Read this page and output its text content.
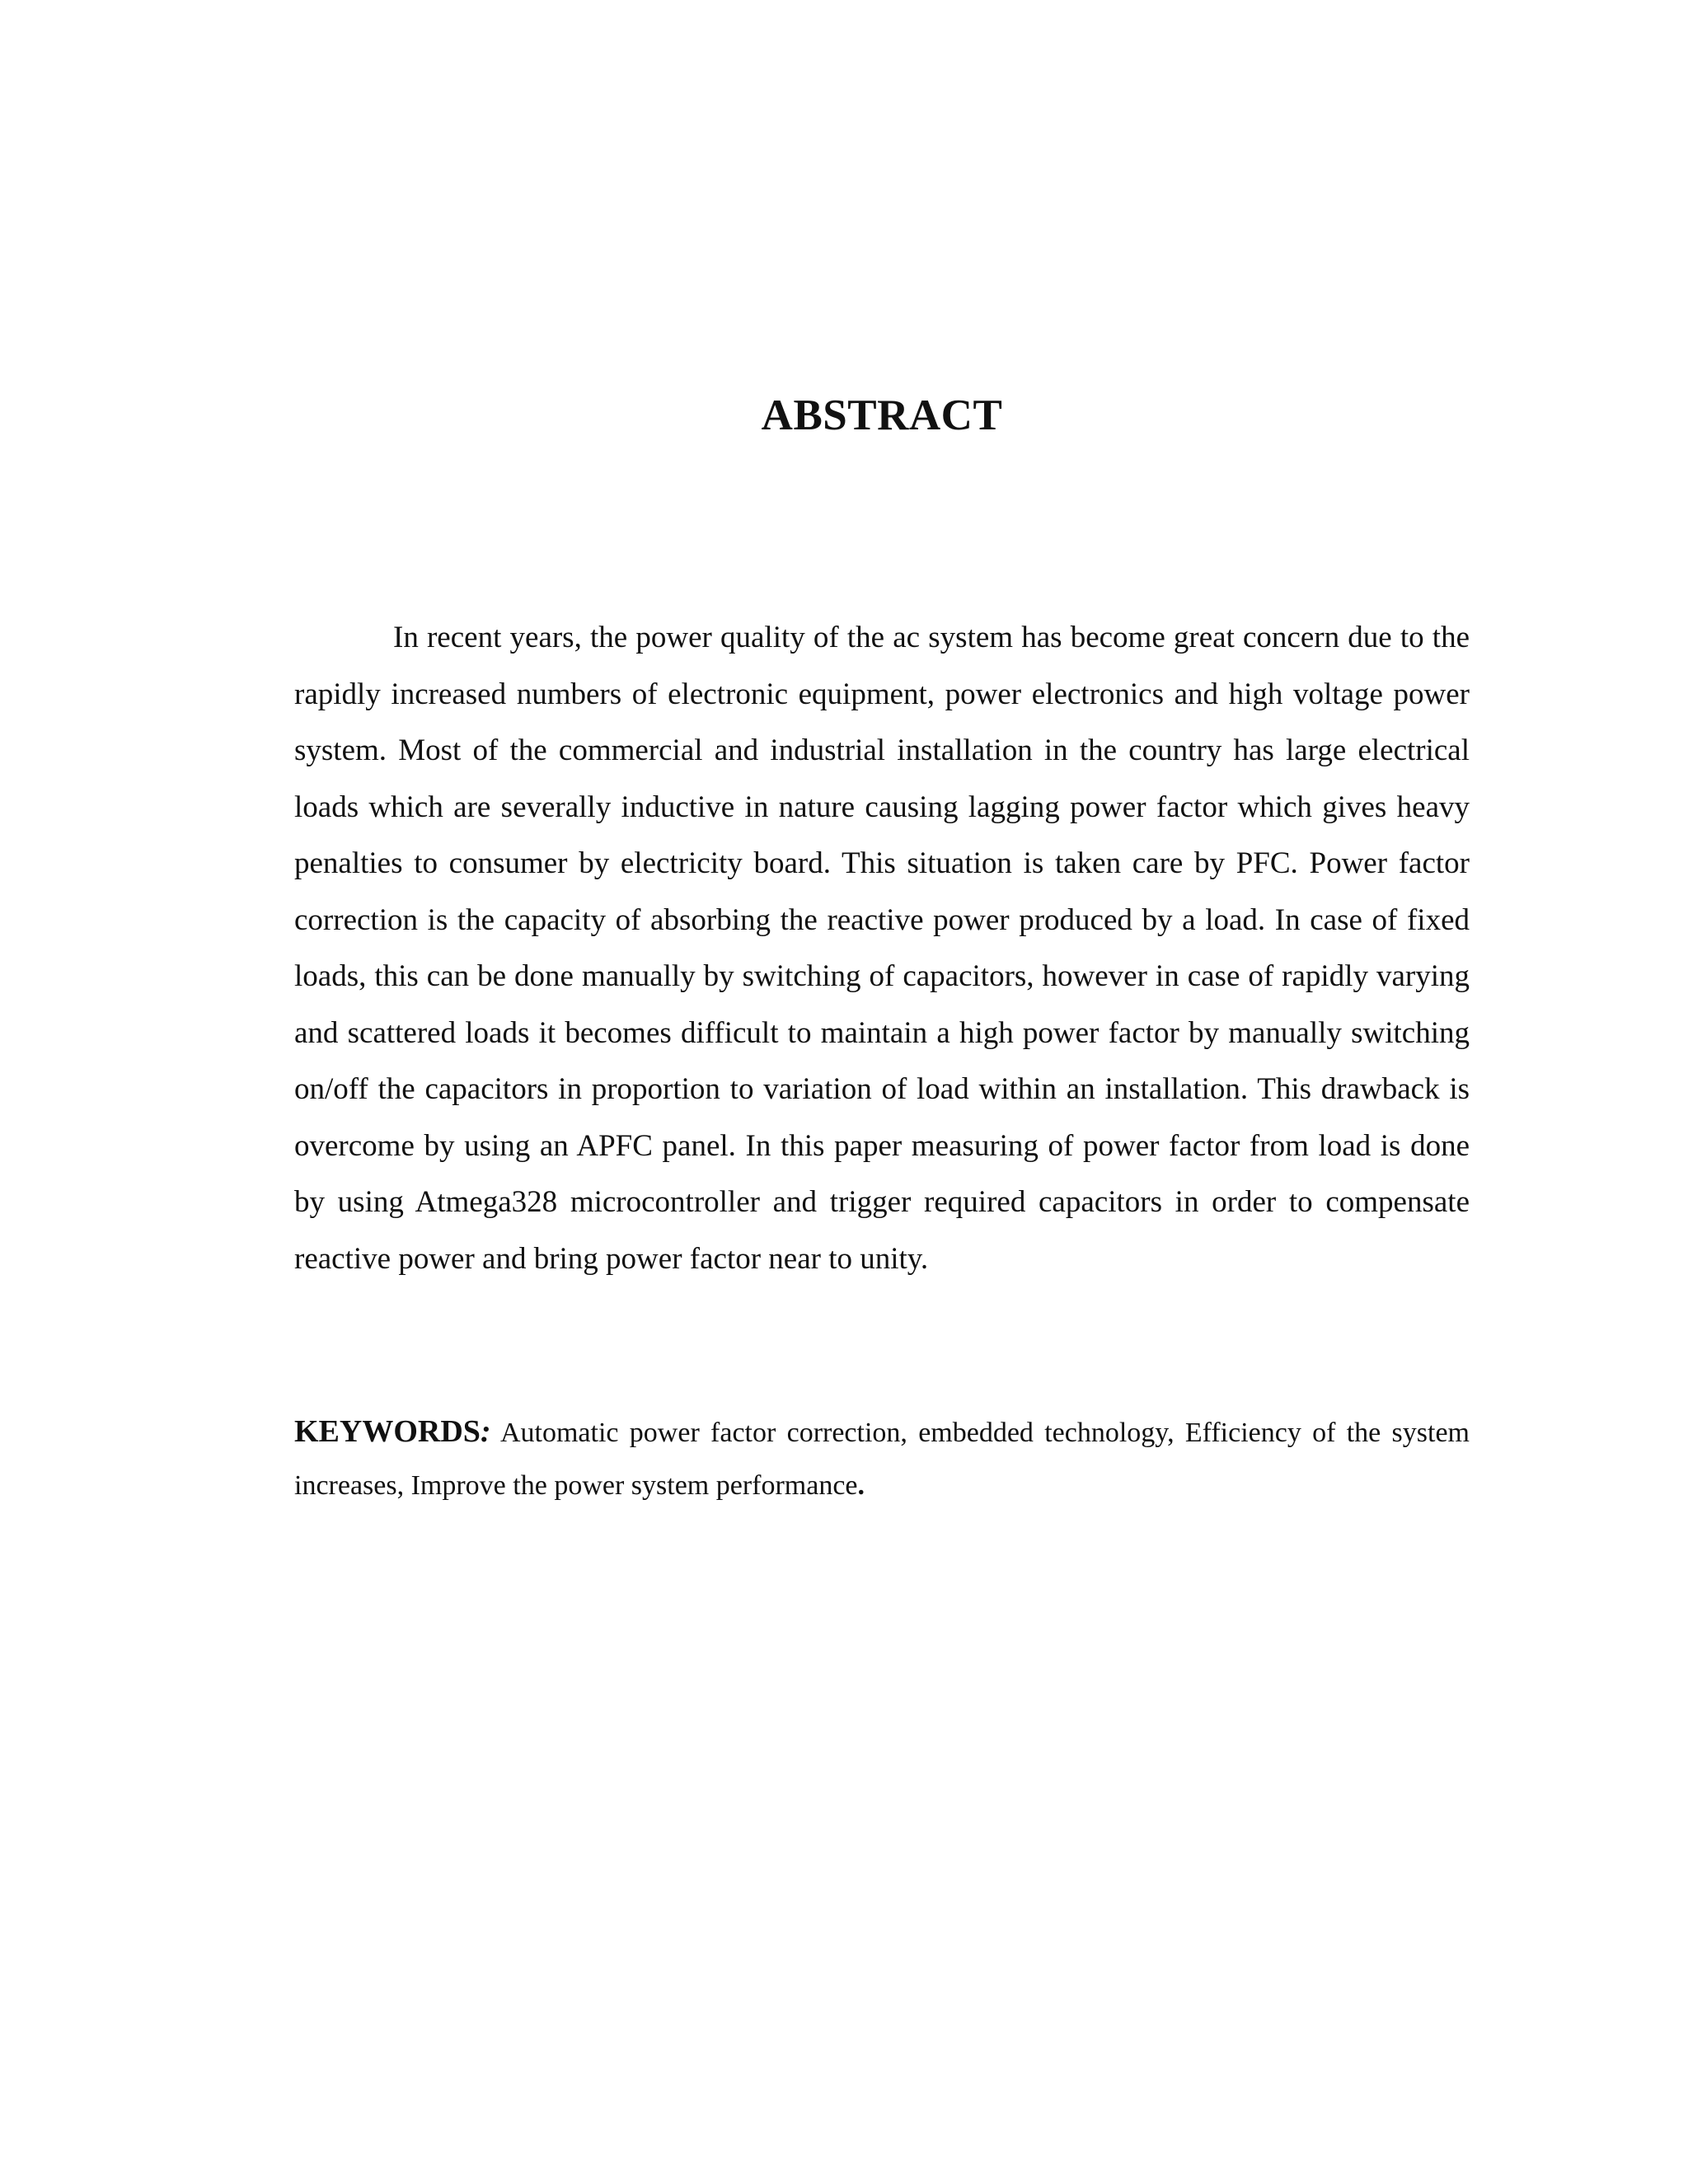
ABSTRACT

In recent years, the power quality of the ac system has become great concern due to the rapidly increased numbers of electronic equipment, power electronics and high voltage power system. Most of the commercial and industrial installation in the country has large electrical loads which are severally inductive in nature causing lagging power factor which gives heavy penalties to consumer by electricity board. This situation is taken care by PFC. Power factor correction is the capacity of absorbing the reactive power produced by a load. In case of fixed loads, this can be done manually by switching of capacitors, however in case of rapidly varying and scattered loads it becomes difficult to maintain a high power factor by manually switching on/off the capacitors in proportion to variation of load within an installation. This drawback is overcome by using an APFC panel. In this paper measuring of power factor from load is done by using Atmega328 microcontroller and trigger required capacitors in order to compensate reactive power and bring power factor near to unity.

KEYWORDS: Automatic power factor correction, embedded technology, Efficiency of the system increases, Improve the power system performance.
